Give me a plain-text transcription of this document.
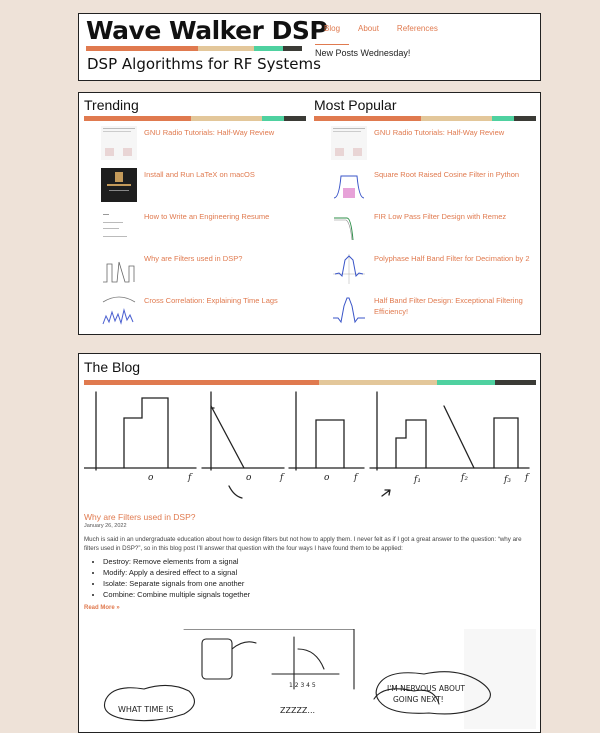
Wave Walker DSP
DSP Algorithms for RF Systems
Blog	About	References
New Posts Wednesday!
Trending	Most Popular
GNU Radio Tutorials: Half-Way Review
Install and Run LaTeX on macOS
How to Write an Engineering Resume
Why are Filters used in DSP?
Cross Correlation: Explaining Time Lags
GNU Radio Tutorials: Half-Way Review
Square Root Raised Cosine Filter in Python
FIR Low Pass Filter Design with Remez
Polyphase Half Band Filter for Decimation by 2
Half Band Filter Design: Exceptional Filtering Efficiency!
The Blog
o	f	o	f	o	f	f₁	f₂	f₃ f
Why are Filters used in DSP?
January 26, 2022
Much is said in an undergraduate education about how to design filters but not how to apply them. I never felt as if I got a great answer to the question: “why are filters used in DSP?”, so in this blog post I’ll answer that question with the four ways I have found them to be applied:
• Destroy: Remove elements from a signal
• Modify: Apply a desired effect to a signal
• Isolate: Separate signals from one another
• Combine: Combine multiple signals together
Read More »
1 2 3 4 5
WHAT TIME IS	ZZZZZ...
I'M NERVOUS ABOUT GOING NEXT!
